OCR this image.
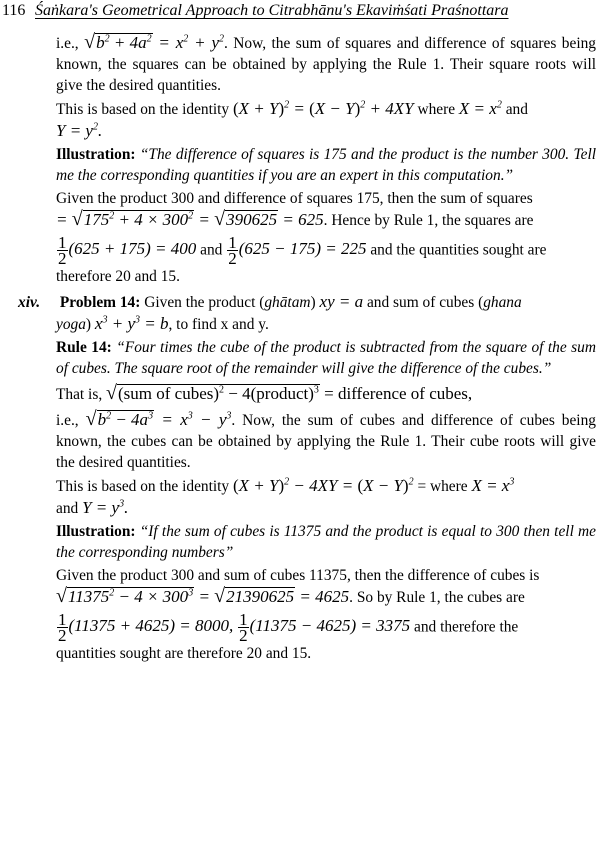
116 Śaṅkara's Geometrical Approach to Citrabhānu's Ekaviṁśati Praśnottara

i.e., $√b^2 + 4a^2 = x^2 + y^2$. Now, the sum of squares and difference of squares being known, the squares can be obtained by applying the Rule 1. Their square roots will give the desired quantities.

This is based on the identity $(X + Y)^2 = (X - Y)^2 + 4XY$ where $X = x^2$ and
$Y = y^2$.

Illustration: “The difference of squares is 175 and the product is the number 300. Tell me the corresponding quantities if you are an expert in this computation.”

Given the product 300 and difference of squares 175, then the sum of squares
= $√175^2 + 4 \times 300^2 = √390625 = 625$. Hence by Rule 1, the squares are

$\frac{1}{2} (625 + 175) = 400$ and $\frac{1}{2} (625 - 175) = 225$ and the quantities sought are
therefore 20 and 15.

xiv. Problem 14: Given the product (ghātam) xy = a and sum of cubes (ghana
yoga) $x^3 + y^3 = b$, to find x and y.

Rule 14: “Four times the cube of the product is subtracted from the square of the sum of cubes. The square root of the remainder will give the difference of the cubes.”

That is, √(sum of cubes)$^2$ − 4(product)$^3$ = difference of cubes,

i.e., $√b^2 - 4a^3 = x^3 - y^3$. Now, the sum of cubes and difference of cubes being known, the cubes can be obtained by applying the Rule 1. Their cube roots will give the desired quantities.

This is based on the identity $(X + Y)^2 - 4XY = (X - Y)^2$ = where $X = x^3$
and $Y = y^3$.

Illustration: “If the sum of cubes is 11375 and the product is equal to 300 then tell me the corresponding numbers”

Given the product 300 and sum of cubes 11375, then the difference of cubes is
$√11375^2 - 4 \times 300^3 = √21390625 = 4625$. So by Rule 1, the cubes are

$\frac{1}{2} (11375 + 4625) = 8000$, $\frac{1}{2} (11375 - 4625) = 3375$ and therefore the
quantities sought are therefore 20 and 15.
